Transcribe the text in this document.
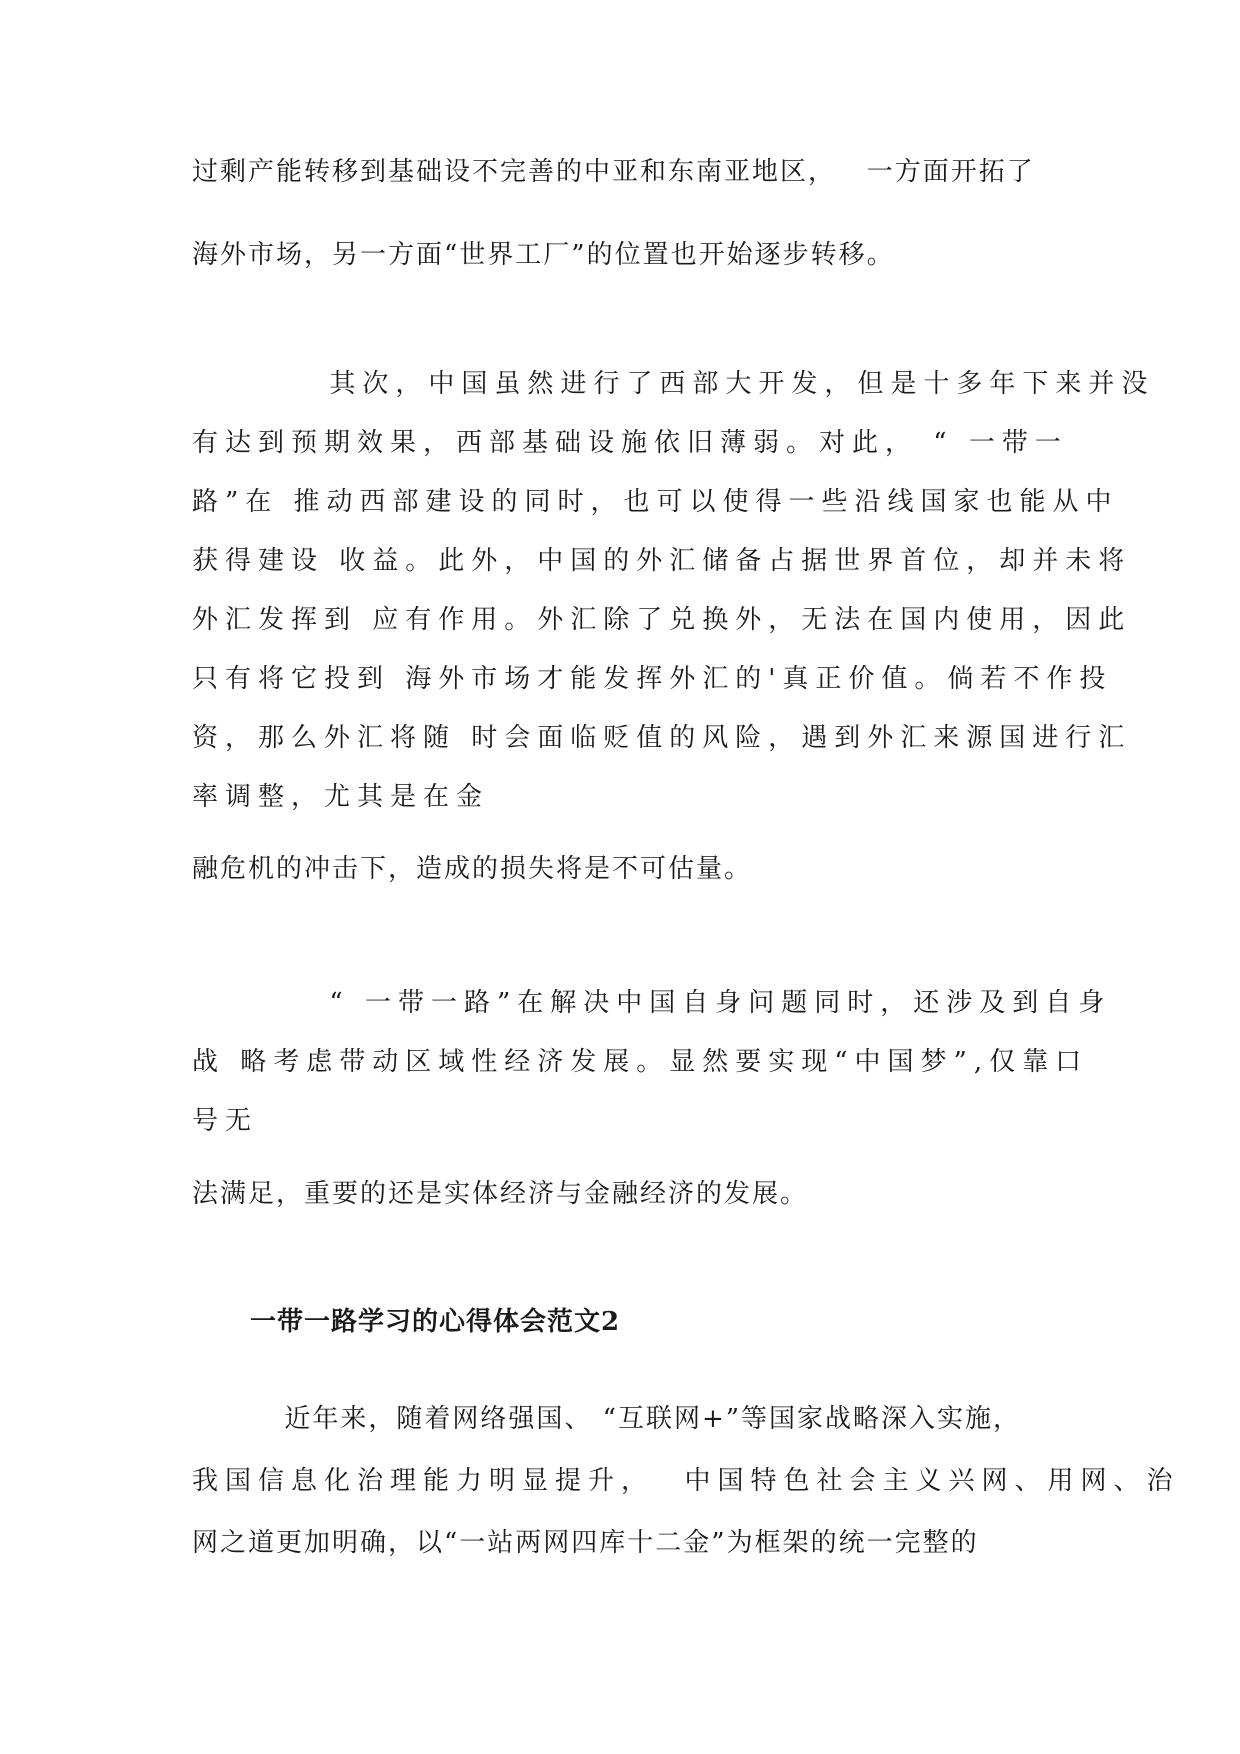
过剩产能转移到基础设不完善的中亚和东南亚地区，   一方面开拓了
海外市场，另一方面“世界工厂”的位置也开始逐步转移。
其次，中国虽然进行了西部大开发，但是十多年下来并没
有达到预期效果，西部基础设施依旧薄弱。对此， “ 一带一
路”在 推动西部建设的同时，也可以使得一些沿线国家也能从中
获得建设 收益。此外，中国的外汇储备占据世界首位，却并未将
外汇发挥到 应有作用。外汇除了兑换外，无法在国内使用，因此
只有将它投到 海外市场才能发挥外汇的'真正价值。倘若不作投
资，那么外汇将随 时会面临贬值的风险，遇到外汇来源国进行汇
率调整，尤其是在金
融危机的冲击下，造成的损失将是不可估量。
“ 一带一路”在解决中国自身问题同时，还涉及到自身
战 略考虑带动区域性经济发展。显然要实现“中国梦”,仅靠口
号无
法满足，重要的还是实体经济与金融经济的发展。
一带一路学习的心得体会范文2
近年来，随着网络强国、 “互联网+”等国家战略深入实施，
我国信息化治理能力明显提升，  中国特色社会主义兴网、用网、治
网之道更加明确，以“一站两网四库十二金”为框架的统一完整的
